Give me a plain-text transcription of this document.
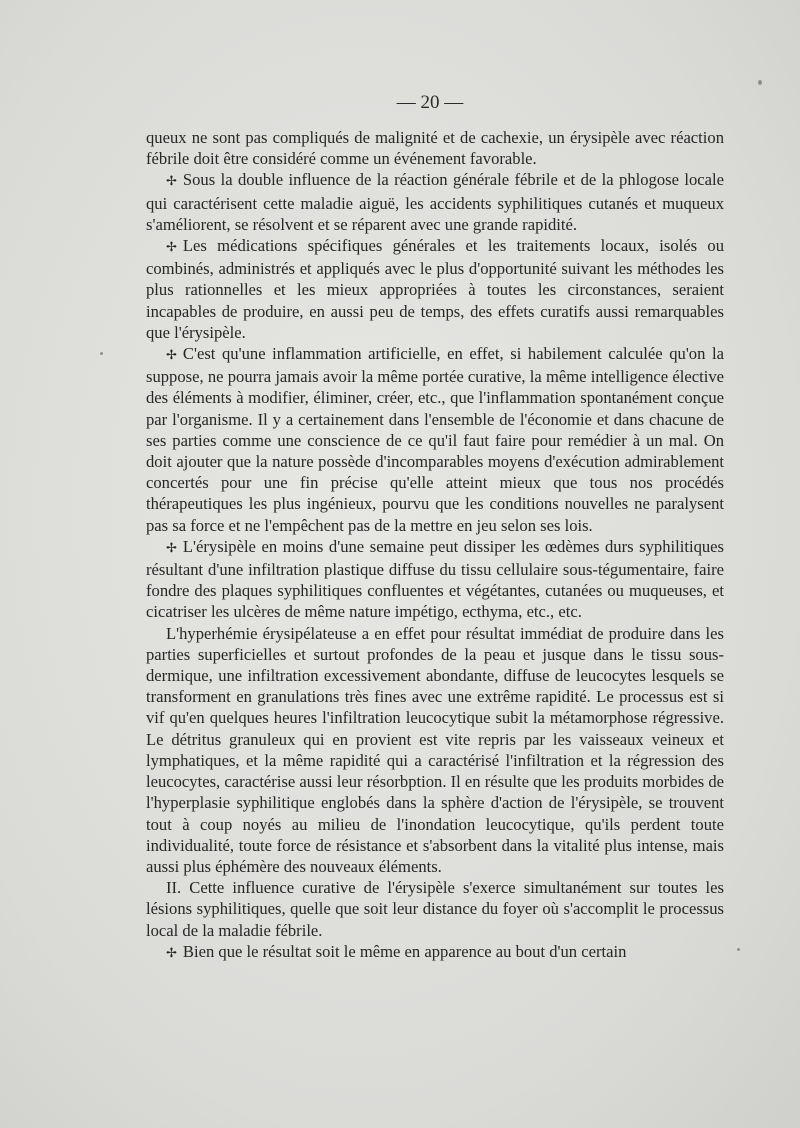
— 20 —

queux ne sont pas compliqués de malignité et de cachexie, un érysipèle avec réaction fébrile doit être considéré comme un événement favorable.

✢ Sous la double influence de la réaction générale fébrile et de la phlogose locale qui caractérisent cette maladie aiguë, les accidents syphilitiques cutanés et muqueux s'améliorent, se résolvent et se réparent avec une grande rapidité.

✢ Les médications spécifiques générales et les traitements locaux, isolés ou combinés, administrés et appliqués avec le plus d'opportunité suivant les méthodes les plus rationnelles et les mieux appropriées à toutes les circonstances, seraient incapables de produire, en aussi peu de temps, des effets curatifs aussi remarquables que l'érysipèle.

✢ C'est qu'une inflammation artificielle, en effet, si habilement calculée qu'on la suppose, ne pourra jamais avoir la même portée curative, la même intelligence élective des éléments à modifier, éliminer, créer, etc., que l'inflammation spontanément conçue par l'organisme. Il y a certainement dans l'ensemble de l'économie et dans chacune de ses parties comme une conscience de ce qu'il faut faire pour remédier à un mal. On doit ajouter que la nature possède d'incomparables moyens d'exécution admirablement concertés pour une fin précise qu'elle atteint mieux que tous nos procédés thérapeutiques les plus ingénieux, pourvu que les conditions nouvelles ne paralysent pas sa force et ne l'empêchent pas de la mettre en jeu selon ses lois.

✢ L'érysipèle en moins d'une semaine peut dissiper les œdèmes durs syphilitiques résultant d'une infiltration plastique diffuse du tissu cellulaire sous-tégumentaire, faire fondre des plaques syphilitiques confluentes et végétantes, cutanées ou muqueuses, et cicatriser les ulcères de même nature impétigo, ecthyma, etc., etc.

L'hyperhémie érysipélateuse a en effet pour résultat immédiat de produire dans les parties superficielles et surtout profondes de la peau et jusque dans le tissu sous-dermique, une infiltration excessivement abondante, diffuse de leucocytes lesquels se transforment en granulations très fines avec une extrême rapidité. Le processus est si vif qu'en quelques heures l'infiltration leucocytique subit la métamorphose régressive. Le détritus granuleux qui en provient est vite repris par les vaisseaux veineux et lymphatiques, et la même rapidité qui a caractérisé l'infiltration et la régression des leucocytes, caractérise aussi leur résorbption. Il en résulte que les produits morbides de l'hyperplasie syphilitique englobés dans la sphère d'action de l'érysipèle, se trouvent tout à coup noyés au milieu de l'inondation leucocytique, qu'ils perdent toute individualité, toute force de résistance et s'absorbent dans la vitalité plus intense, mais aussi plus éphémère des nouveaux éléments.

II. Cette influence curative de l'érysipèle s'exerce simultanément sur toutes les lésions syphilitiques, quelle que soit leur distance du foyer où s'accomplit le processus local de la maladie fébrile.

✢ Bien que le résultat soit le même en apparence au bout d'un certain
